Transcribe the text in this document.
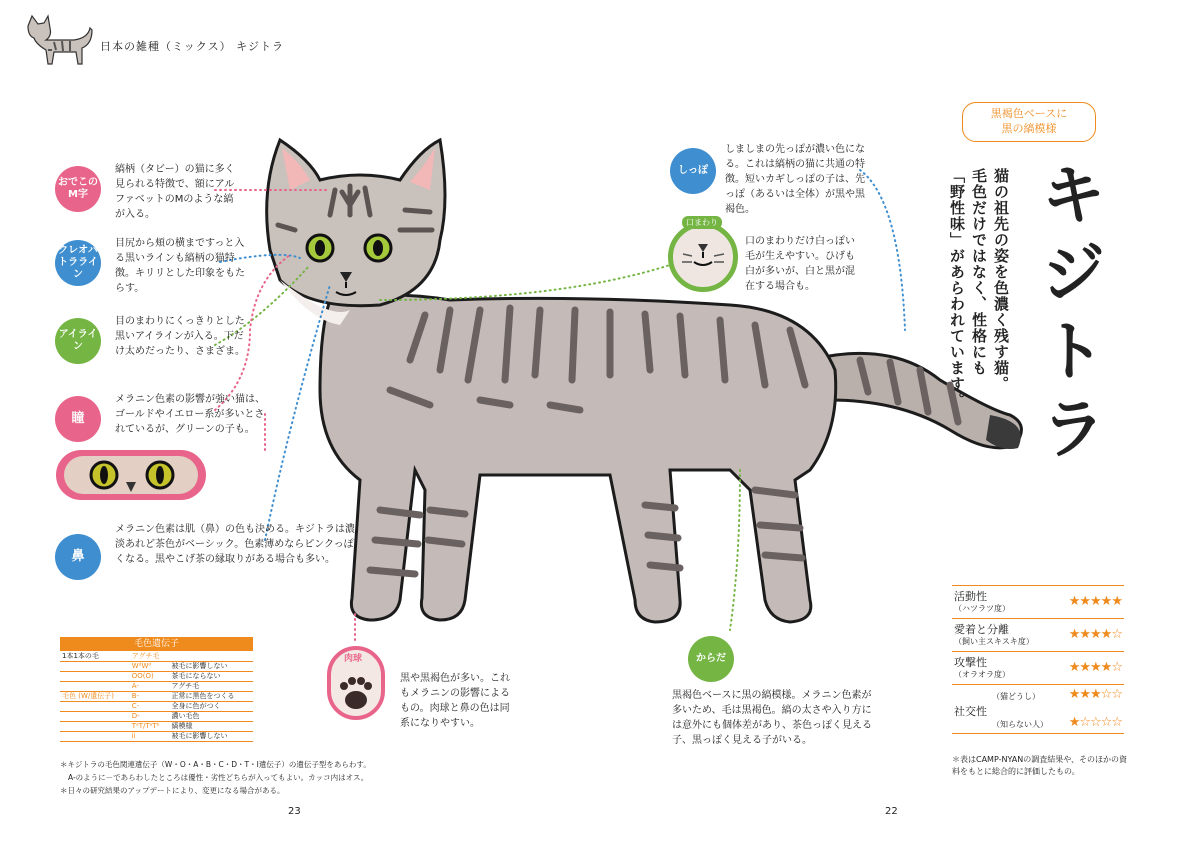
日本の雑種（ミックス） キジトラ
おでこのM字
縞柄（タビー）の猫に多く見られる特徴で、額にアルファベットのMのような縞が入る。
クレオパトラライン
目尻から頬の横まですっと入る黒いラインも縞柄の猫特徴。キリリとした印象をもたらす。
アイライン
目のまわりにくっきりとした黒いアイラインが入る。下だけ太めだったり、さまざま。
瞳
メラニン色素の影響が強い猫は、ゴールドやイエロー系が多いとされているが、グリーンの子も。
鼻
メラニン色素は肌（鼻）の色も決める。キジトラは濃淡あれど茶色がベーシック。色素薄めならピンクっぽくなる。黒やこげ茶の縁取りがある場合も多い。
肉球
黒や黒褐色が多い。これもメラニンの影響によるもの。肉球と鼻の色は同系になりやすい。
毛色遺伝子
1本1本の毛	アグチ毛	
	WᵈWᵈ	被毛に影響しない
	OO(O)	茶毛にならない
	A-	アグチ毛
毛色 (W/遺伝子)	B-	正常に黒色をつくる
	C-	全身に色がつく
	D-	濃い毛色
	TᵃT/TᵃTᵇ	縞模様
	ii	被毛に影響しない
＊キジトラの毛色関連遺伝子（W・O・A・B・C・D・T・I遺伝子）の遺伝子型をあらわす。
A-のように－であらわしたところは優性・劣性どちらが入ってもよい。カッコ内はオス。
＊日々の研究結果のアップデートにより、変更になる場合がある。
23	22
しっぽ
しましまの先っぽが濃い色になる。これは縞柄の猫に共通の特徴。短いカギしっぽの子は、先っぽ（あるいは全体）が黒や黒褐色。
口まわり
口のまわりだけ白っぽい毛が生えやすい。ひげも白が多いが、白と黒が混在する場合も。
からだ
黒褐色ベースに黒の縞模様。メラニン色素が多いため、毛は黒褐色。縞の太さや入り方には意外にも個体差があり、茶色っぽく見える子、黒っぽく見える子がいる。
黒褐色ベースに
黒の縞模様
キジトラ
猫の祖先の姿を色濃く残す猫。
毛色だけではなく、性格にも
「野性味」があらわれています。
活動性
（ハツラツ度）	★★★★★
愛着と分離
（飼い主スキスキ度）	★★★★☆
攻撃性
（オラオラ度）	★★★★☆
（猫どうし） ★★★☆☆
社交性
（知らない人） ★☆☆☆☆
＊表はCAMP-NYANの調査結果や、そのほかの資料をもとに総合的に評価したもの。
